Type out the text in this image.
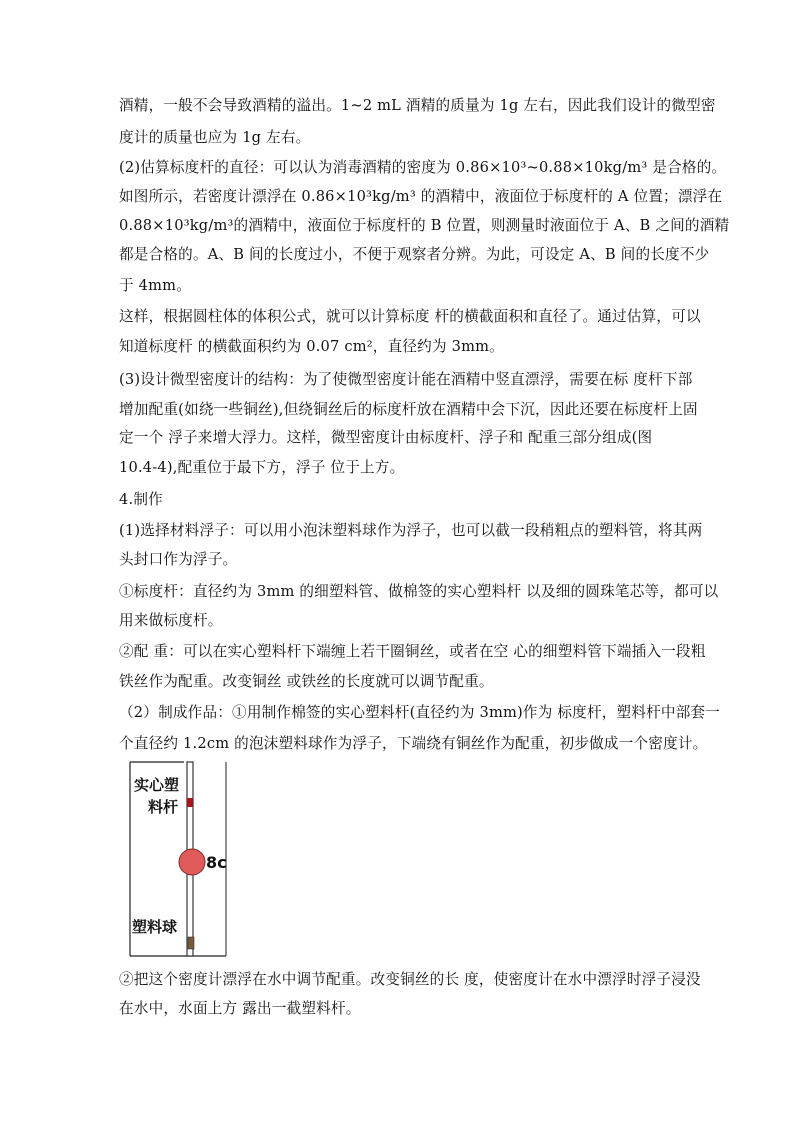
酒精，一般不会导致酒精的溢出。1~2 mL 酒精的质量为 1g 左右，因此我们设计的微型密
度计的质量也应为 1g 左右。
(2)估算标度杆的直径：可以认为消毒酒精的密度为 0.86×10³~0.88×10kg/m³ 是合格的。
如图所示，若密度计漂浮在 0.86×10³kg/m³ 的酒精中，液面位于标度杆的 A 位置；漂浮在
0.88×10³kg/m³的酒精中，液面位于标度杆的 B 位置，则测量时液面位于 A、B 之间的酒精
都是合格的。A、B 间的长度过小，不便于观察者分辨。为此，可设定 A、B 间的长度不少
于 4mm。
这样，根据圆柱体的体积公式，就可以计算标度 杆的横截面积和直径了。通过估算，可以
知道标度杆 的横截面积约为 0.07 cm²，直径约为 3mm。
(3)设计微型密度计的结构：为了使微型密度计能在酒精中竖直漂浮，需要在标 度杆下部
增加配重(如绕一些铜丝),但绕铜丝后的标度杆放在酒精中会下沉，因此还要在标度杆上固
定一个 浮子来增大浮力。这样，微型密度计由标度杆、浮子和 配重三部分组成(图
10.4-4),配重位于最下方，浮子 位于上方。
4.制作
(1)选择材料浮子：可以用小泡沫塑料球作为浮子，也可以截一段稍粗点的塑料管，将其两
头封口作为浮子。
①标度杆：直径约为 3mm 的细塑料管、做棉签的实心塑料杆 以及细的圆珠笔芯等，都可以
用来做标度杆。
②配 重：可以在实心塑料杆下端缠上若干圈铜丝，或者在空 心的细塑料管下端插入一段粗
铁丝作为配重。改变铜丝 或铁丝的长度就可以调节配重。
（2）制成作品：①用制作棉签的实心塑料杆(直径约为 3mm)作为 标度杆，塑料杆中部套一
个直径约 1.2cm 的泡沫塑料球作为浮子，下端绕有铜丝作为配重，初步做成一个密度计。
实心塑
料杆
8c
塑料球
②把这个密度计漂浮在水中调节配重。改变铜丝的长 度，使密度计在水中漂浮时浮子浸没
在水中，水面上方 露出一截塑料杆。
